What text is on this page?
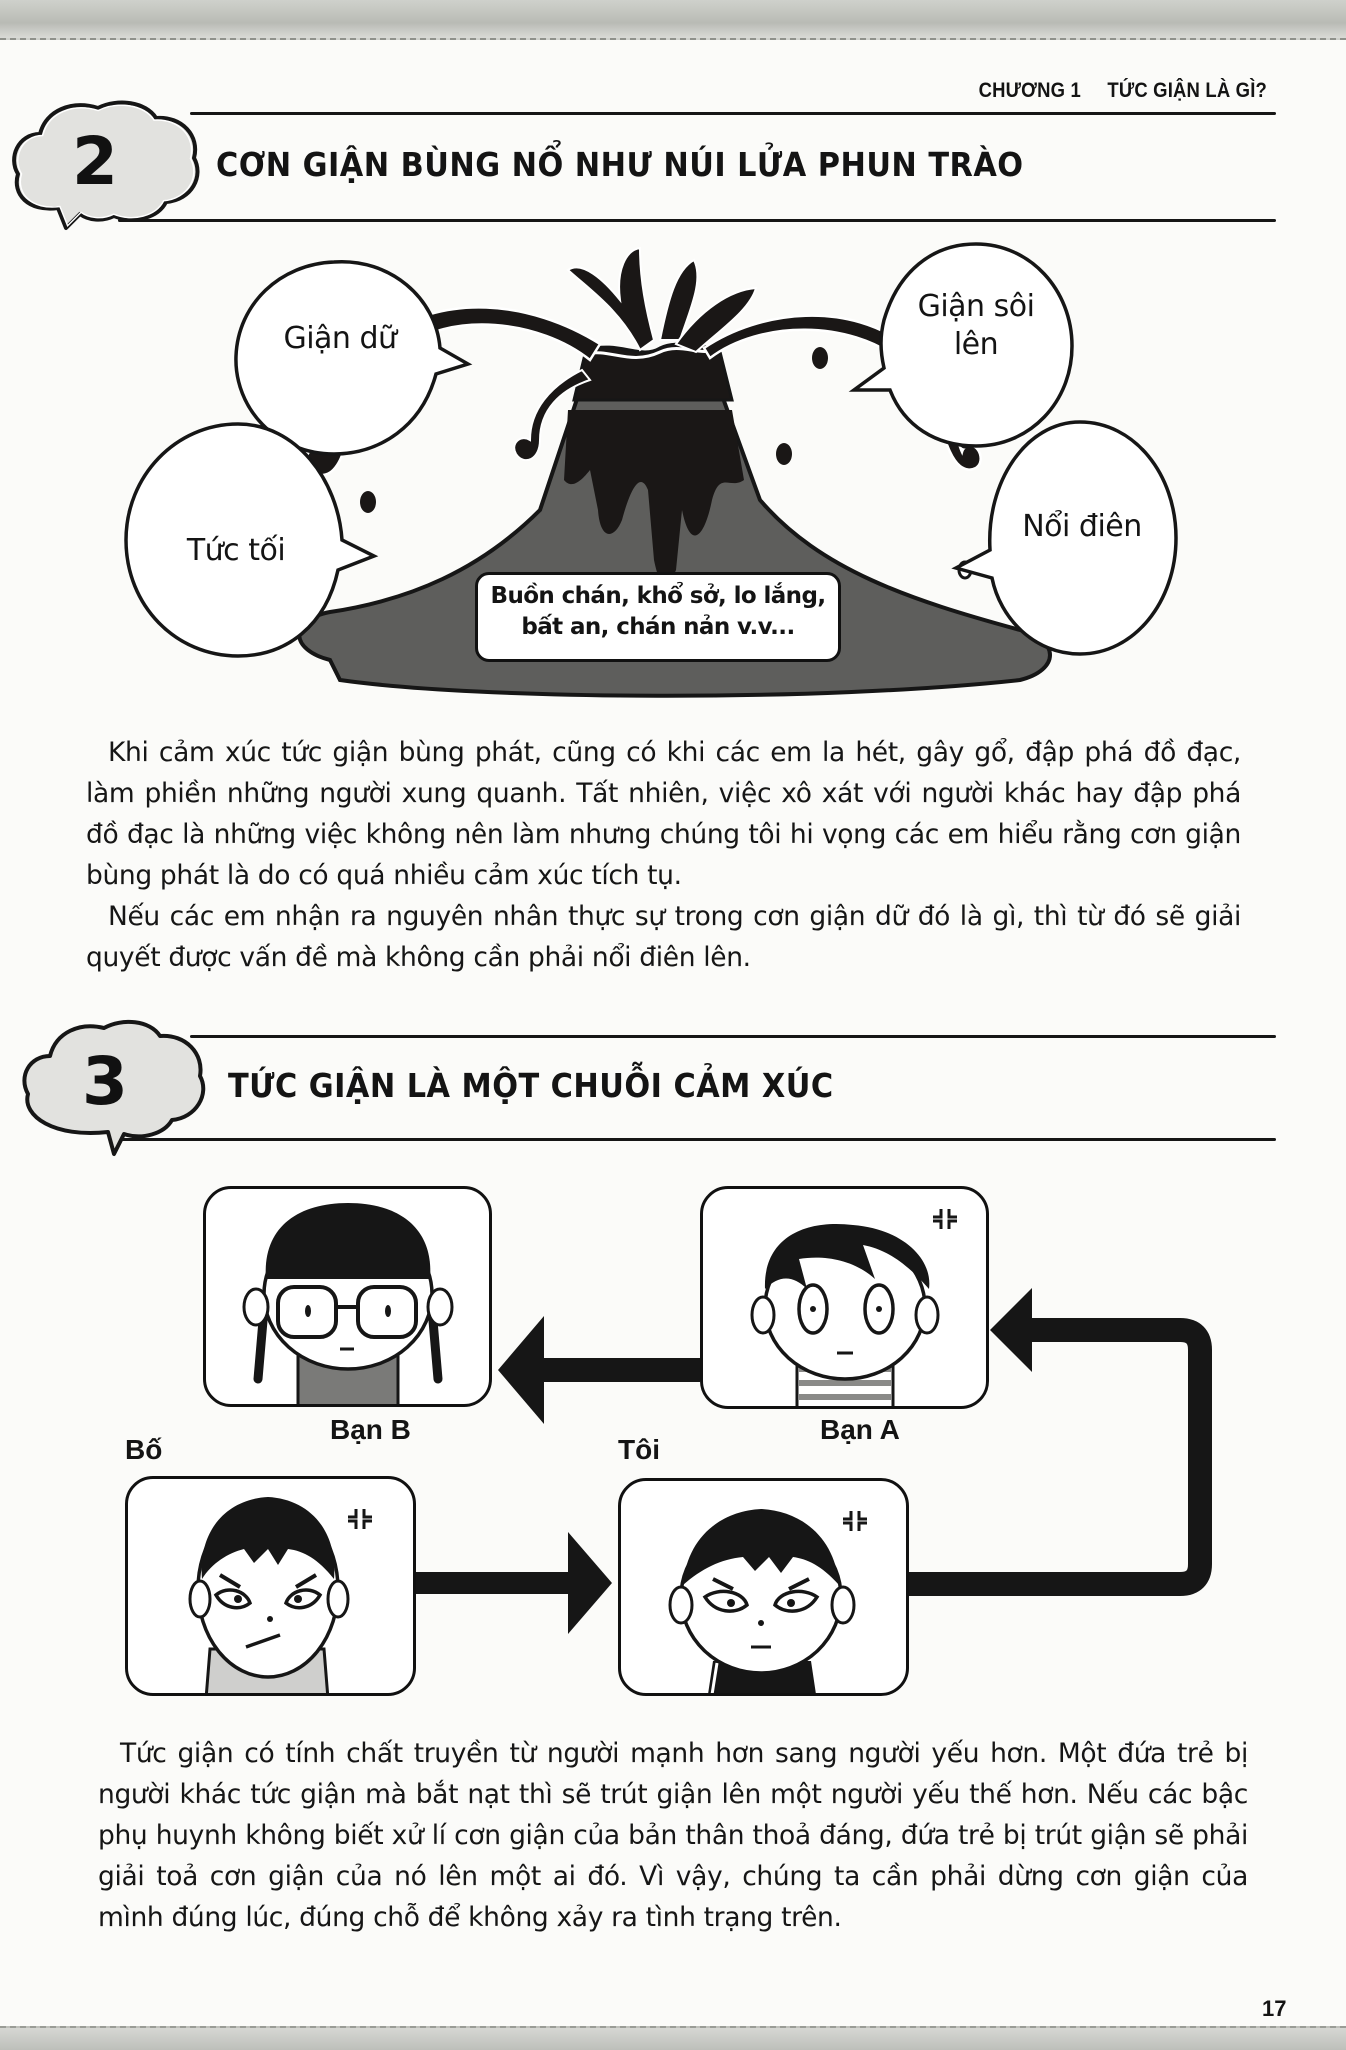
CHƯƠNG 1 TỨC GIẬN LÀ GÌ?

2	CƠN GIẬN BÙNG NỔ NHƯ NÚI LỬA PHUN TRÀO
Giận dữ
Tức tối
Giận sôi
lên
Nổi điên
Buồn chán, khổ sở, lo lắng,
bất an, chán nản v.v...

Khi cảm xúc tức giận bùng phát, cũng có khi các em la hét, gây gổ, đập phá đồ đạc, làm phiền những người xung quanh. Tất nhiên, việc xô xát với người khác hay đập phá đồ đạc là những việc không nên làm nhưng chúng tôi hi vọng các em hiểu rằng cơn giận bùng phát là do có quá nhiều cảm xúc tích tụ.

Nếu các em nhận ra nguyên nhân thực sự trong cơn giận dữ đó là gì, thì từ đó sẽ giải quyết được vấn đề mà không cần phải nổi điên lên.

3	TỨC GIẬN LÀ MỘT CHUỖI CẢM XÚC
Bạn B	Bạn A
Bố	Tôi

Tức giận có tính chất truyền từ người mạnh hơn sang người yếu hơn. Một đứa trẻ bị người khác tức giận mà bắt nạt thì sẽ trút giận lên một người yếu thế hơn. Nếu các bậc phụ huynh không biết xử lí cơn giận của bản thân thoả đáng, đứa trẻ bị trút giận sẽ phải giải toả cơn giận của nó lên một ai đó. Vì vậy, chúng ta cần phải dừng cơn giận của mình đúng lúc, đúng chỗ để không xảy ra tình trạng trên.

17
